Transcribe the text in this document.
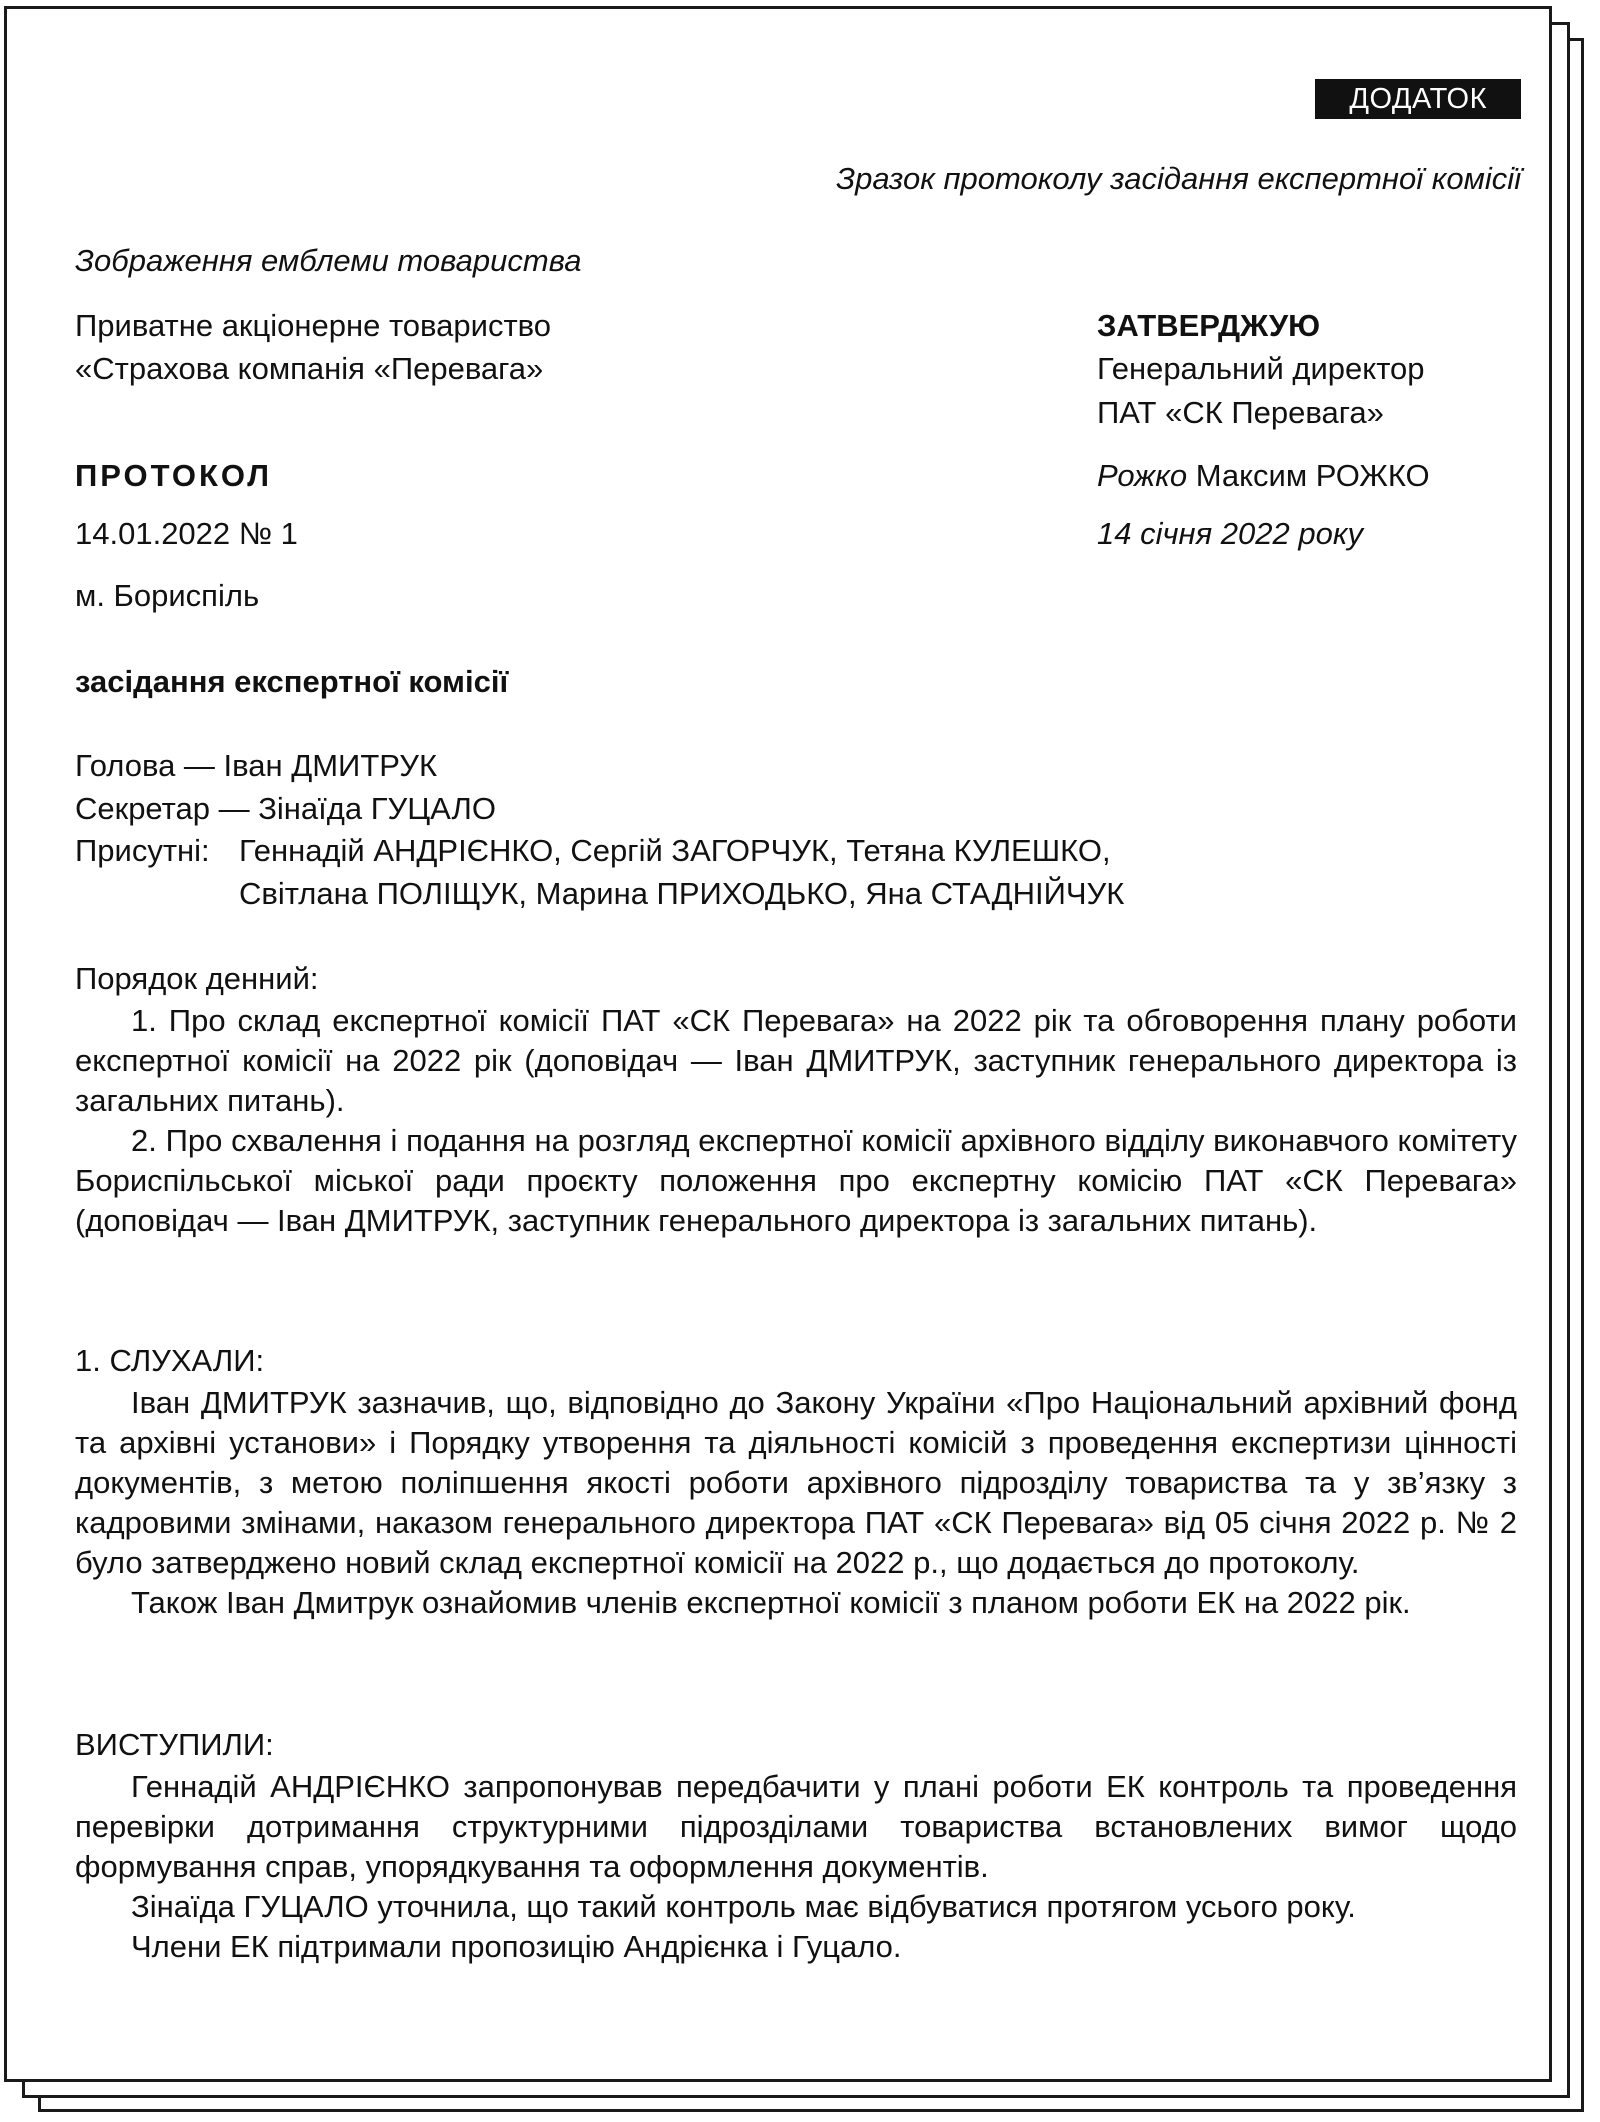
ДОДАТОК
Зразок протоколу засідання експертної комісії
Зображення емблеми товариства
Приватне акціонерне товариство
«Страхова компанія «Перевага»
ЗАТВЕРДЖУЮ
Генеральний директор
ПАТ «СК Перевага»
Рожко Максим РОЖКО
14 січня 2022 року
ПРОТОКОЛ
14.01.2022 № 1
м. Бориспіль
засідання експертної комісії
Голова — Іван ДМИТРУК
Секретар — Зінаїда ГУЦАЛО
Присутні: Геннадій АНДРІЄНКО, Сергій ЗАГОРЧУК, Тетяна КУЛЕШКО,
Світлана ПОЛІЩУК, Марина ПРИХОДЬКО, Яна СТАДНІЙЧУК
Порядок денний:

1. Про склад експертної комісії ПАТ «СК Перевага» на 2022 рік та обговорення плану роботи експертної комісії на 2022 рік (доповідач — Іван ДМИТРУК, заступник генерального директора із загальних питань).

2. Про схвалення і подання на розгляд експертної комісії архівного відділу виконавчого комітету Бориспільської міської ради проєкту положення про експертну комісію ПАТ «СК Перевага» (доповідач — Іван ДМИТРУК, заступник генерального директора із загальних питань).

1. СЛУХАЛИ:

Іван ДМИТРУК зазначив, що, відповідно до Закону України «Про Національний архівний фонд та архівні установи» і Порядку утворення та діяльності комісій з проведення експертизи цінності документів, з метою поліпшення якості роботи архівного підрозділу товариства та у зв’язку з кадровими змінами, наказом генерального директора ПАТ «СК Перевага» від 05 січня 2022 р. № 2 було затверджено новий склад експертної комісії на 2022 р., що додається до протоколу.

Також Іван Дмитрук ознайомив членів експертної комісії з планом роботи ЕК на 2022 рік.

ВИСТУПИЛИ:

Геннадій АНДРІЄНКО запропонував передбачити у плані роботи ЕК контроль та проведення перевірки дотримання структурними підрозділами товариства встановлених вимог щодо формування справ, упорядкування та оформлення документів.

Зінаїда ГУЦАЛО уточнила, що такий контроль має відбуватися протягом усього року.

Члени ЕК підтримали пропозицію Андрієнка і Гуцало.
